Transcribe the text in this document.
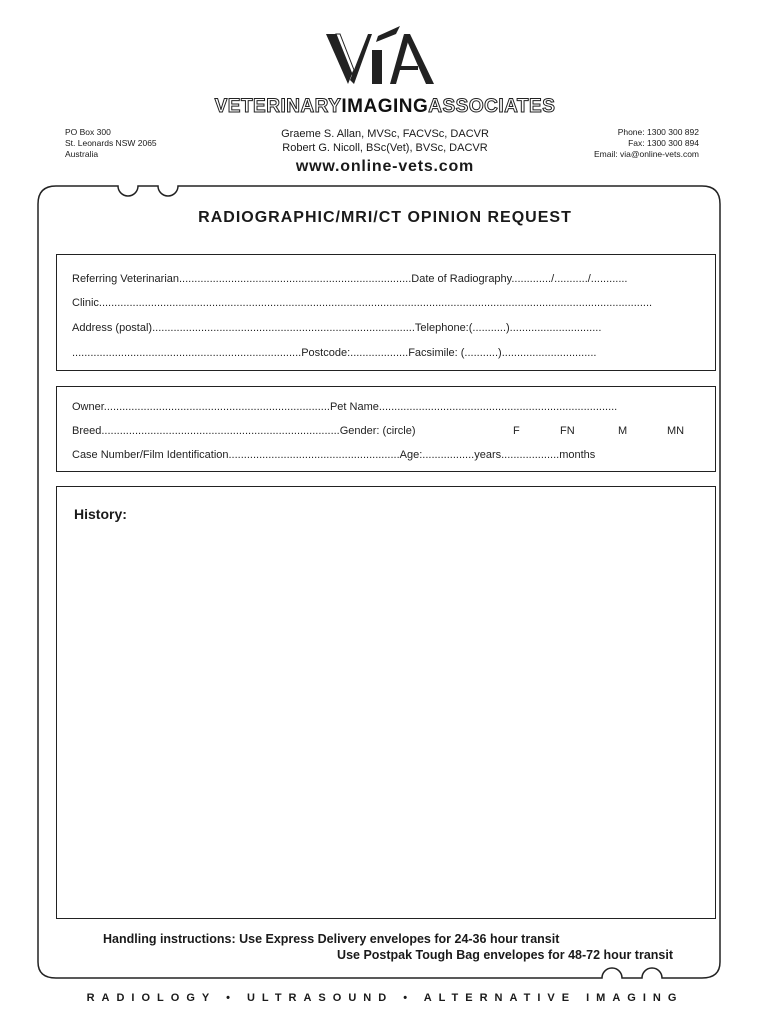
VETERINARYIMAGINGASSOCIATES
PO Box 300
St. Leonards NSW 2065
Australia
Graeme S. Allan, MVSc, FACVSc, DACVR
Robert G. Nicoll, BSc(Vet), BVSc, DACVR
Phone: 1300 300 892
Fax: 1300 300 894
Email: via@online-vets.com
www.online-vets.com
RADIOGRAPHIC/MRI/CT OPINION REQUEST
Referring Veterinarian............................................................................Date of Radiography............./.........../............
Clinic.....................................................................................................................................................................................
Address (postal)......................................................................................Telephone:(...........)..............................
...........................................................................Postcode:...................Facsimile: (...........)...............................
Owner..........................................................................Pet Name..............................................................................
Breed..............................................................................Gender: (circle)	F	FN	M	MN
Case Number/Film Identification........................................................Age:.................years...................months
History:
Handling instructions: Use Express Delivery envelopes for 24-36 hour transit
Use Postpak Tough Bag envelopes for 48-72 hour transit
RADIOLOGY • ULTRASOUND • ALTERNATIVE IMAGING
